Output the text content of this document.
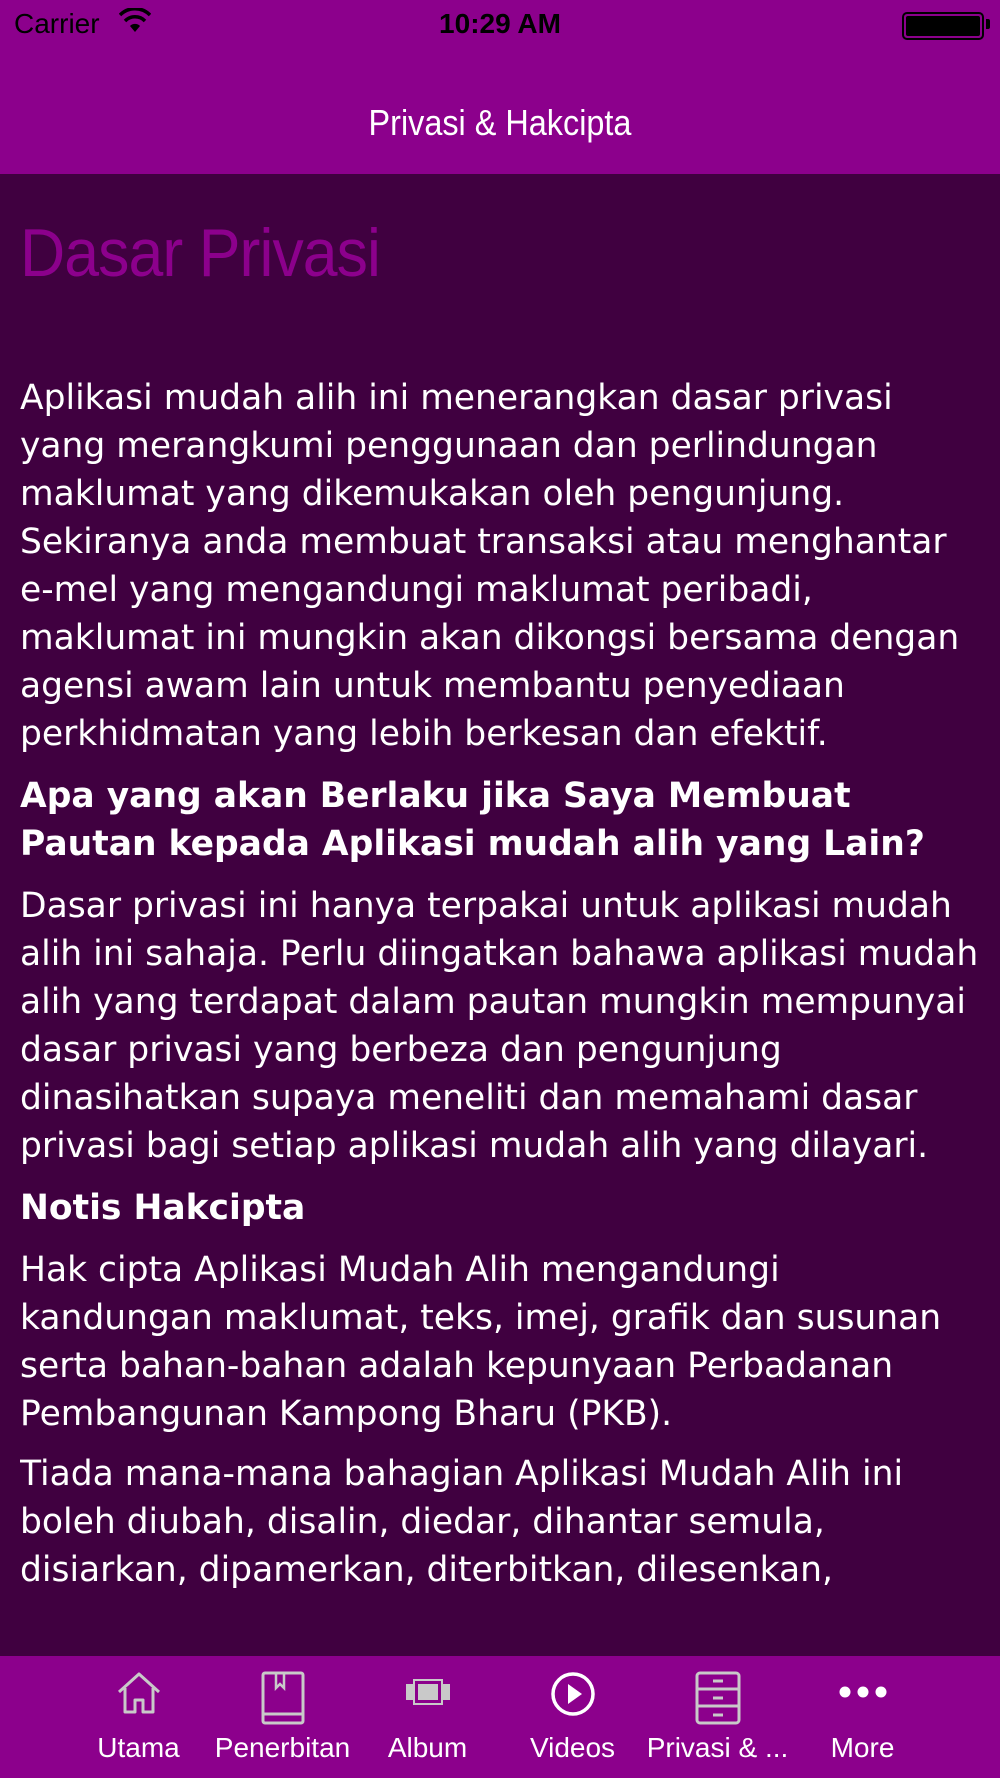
Carrier	10:29 AM
Privasi & Hakcipta
Dasar Privasi

Aplikasi mudah alih ini menerangkan dasar privasi yang merangkumi penggunaan dan perlindungan maklumat yang dikemukakan oleh pengunjung. Sekiranya anda membuat transaksi atau menghantar e-mel yang mengandungi maklumat peribadi, maklumat ini mungkin akan dikongsi bersama dengan agensi awam lain untuk membantu penyediaan perkhidmatan yang lebih berkesan dan efektif.

Apa yang akan Berlaku jika Saya Membuat Pautan kepada Aplikasi mudah alih yang Lain?

Dasar privasi ini hanya terpakai untuk aplikasi mudah alih ini sahaja. Perlu diingatkan bahawa aplikasi mudah alih yang terdapat dalam pautan mungkin mempunyai dasar privasi yang berbeza dan pengunjung dinasihatkan supaya meneliti dan memahami dasar privasi bagi setiap aplikasi mudah alih yang dilayari.

Notis Hakcipta

Hak cipta Aplikasi Mudah Alih mengandungi kandungan maklumat, teks, imej, grafik dan susunan serta bahan-bahan adalah kepunyaan Perbadanan Pembangunan Kampong Bharu (PKB).

Tiada mana-mana bahagian Aplikasi Mudah Alih ini boleh diubah, disalin, diedar, dihantar semula, disiarkan, dipamerkan, diterbitkan, dilesenkan,

Utama	Penerbitan	Album	Videos	Privasi & ...	More
